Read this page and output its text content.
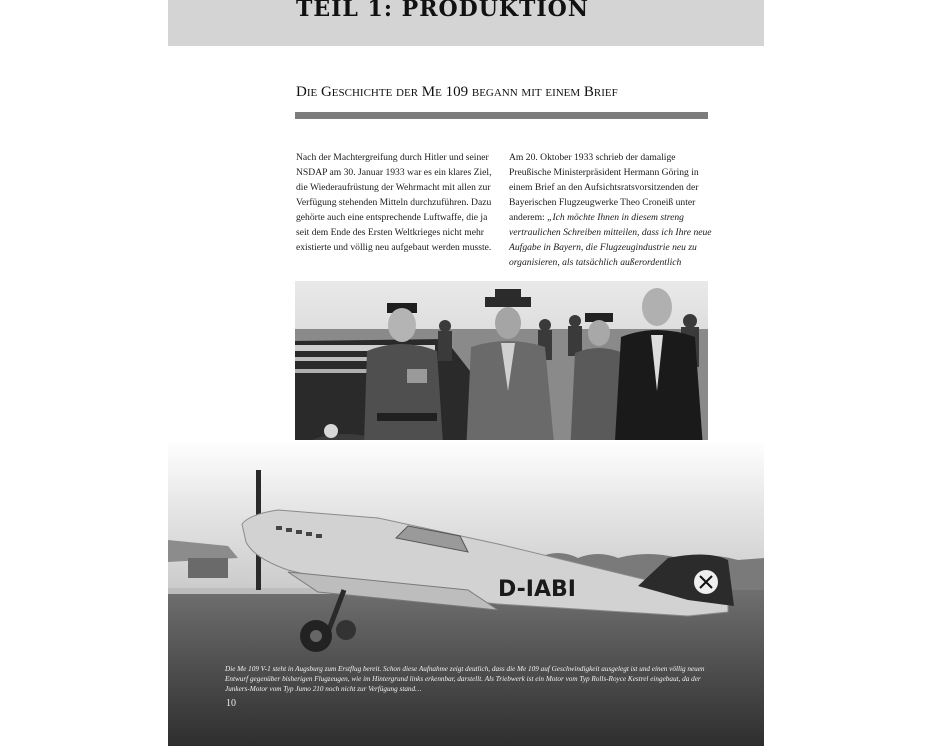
TEIL 1: PRODUKTION
Die Geschichte der Me 109 begann mit einem Brief

Nach der Machtergreifung durch Hitler und seiner NSDAP am 30. Januar 1933 war es ein klares Ziel, die Wiederaufrüstung der Wehrmacht mit allen zur Verfügung stehenden Mitteln durchzuführen. Dazu gehörte auch eine entsprechende Luftwaffe, die ja seit dem Ende des Ersten Weltkrieges nicht mehr existierte und völlig neu aufgebaut werden musste.

Am 20. Oktober 1933 schrieb der damalige Preußische Ministerpräsident Hermann Göring in einem Brief an den Aufsichtsratsvorsitzenden der Bayerischen Flugzeugwerke Theo Croneiß unter anderem: „Ich möchte Ihnen in diesem streng vertraulichen Schreiben mitteilen, dass ich Ihre neue Aufgabe in Bayern, die Flugzeugindustrie neu zu organisieren, als tatsächlich außerordentlich

D-IABI
Die Me 109 V-1 steht in Augsburg zum Erstflug bereit. Schon diese Aufnahme zeigt deutlich, dass die Me 109 auf Geschwindigkeit ausgelegt ist und einen völlig neuen Entwurf gegenüber bisherigen Flugzeugen, wie im Hintergrund links erkennbar, darstellt. Als Triebwerk ist ein Motor vom Typ Rolls-Royce Kestrel eingebaut, da der Junkers-Motor vom Typ Jumo 210 noch nicht zur Verfügung stand…
10
